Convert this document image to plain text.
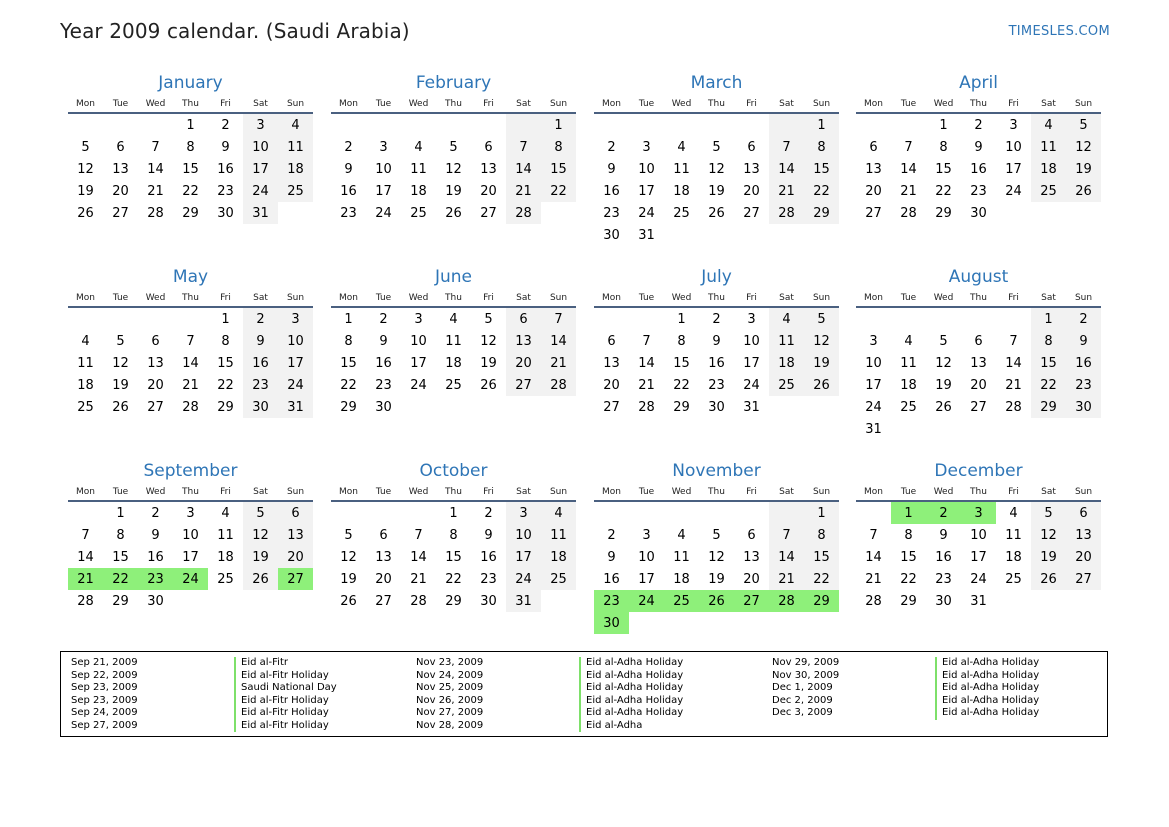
Year 2009 calendar. (Saudi Arabia)	TIMESLES.COM
January
Mon	Tue	Wed	Thu	Fri	Sat	Sun
			1	2	3	4
5	6	7	8	9	10	11
12	13	14	15	16	17	18
19	20	21	22	23	24	25
26	27	28	29	30	31	
February
Mon	Tue	Wed	Thu	Fri	Sat	Sun
						1
2	3	4	5	6	7	8
9	10	11	12	13	14	15
16	17	18	19	20	21	22
23	24	25	26	27	28	
March
Mon	Tue	Wed	Thu	Fri	Sat	Sun
						1
2	3	4	5	6	7	8
9	10	11	12	13	14	15
16	17	18	19	20	21	22
23	24	25	26	27	28	29
30	31					
April
Mon	Tue	Wed	Thu	Fri	Sat	Sun
		1	2	3	4	5
6	7	8	9	10	11	12
13	14	15	16	17	18	19
20	21	22	23	24	25	26
27	28	29	30			
May
Mon	Tue	Wed	Thu	Fri	Sat	Sun
				1	2	3
4	5	6	7	8	9	10
11	12	13	14	15	16	17
18	19	20	21	22	23	24
25	26	27	28	29	30	31
June
Mon	Tue	Wed	Thu	Fri	Sat	Sun
1	2	3	4	5	6	7
8	9	10	11	12	13	14
15	16	17	18	19	20	21
22	23	24	25	26	27	28
29	30					
July
Mon	Tue	Wed	Thu	Fri	Sat	Sun
		1	2	3	4	5
6	7	8	9	10	11	12
13	14	15	16	17	18	19
20	21	22	23	24	25	26
27	28	29	30	31		
August
Mon	Tue	Wed	Thu	Fri	Sat	Sun
					1	2
3	4	5	6	7	8	9
10	11	12	13	14	15	16
17	18	19	20	21	22	23
24	25	26	27	28	29	30
31						
September
Mon	Tue	Wed	Thu	Fri	Sat	Sun
	1	2	3	4	5	6
7	8	9	10	11	12	13
14	15	16	17	18	19	20
21	22	23	24	25	26	27
28	29	30				
October
Mon	Tue	Wed	Thu	Fri	Sat	Sun
			1	2	3	4
5	6	7	8	9	10	11
12	13	14	15	16	17	18
19	20	21	22	23	24	25
26	27	28	29	30	31	
November
Mon	Tue	Wed	Thu	Fri	Sat	Sun
						1
2	3	4	5	6	7	8
9	10	11	12	13	14	15
16	17	18	19	20	21	22
23	24	25	26	27	28	29
30						
December
Mon	Tue	Wed	Thu	Fri	Sat	Sun
	1	2	3	4	5	6
7	8	9	10	11	12	13
14	15	16	17	18	19	20
21	22	23	24	25	26	27
28	29	30	31			
Sep 21, 2009	Eid al-Fitr
Sep 22, 2009	Eid al-Fitr Holiday
Sep 23, 2009	Saudi National Day
Sep 23, 2009	Eid al-Fitr Holiday
Sep 24, 2009	Eid al-Fitr Holiday
Sep 27, 2009	Eid al-Fitr Holiday
Nov 23, 2009	Eid al-Adha Holiday
Nov 24, 2009	Eid al-Adha Holiday
Nov 25, 2009	Eid al-Adha Holiday
Nov 26, 2009	Eid al-Adha Holiday
Nov 27, 2009	Eid al-Adha Holiday
Nov 28, 2009	Eid al-Adha
Nov 29, 2009	Eid al-Adha Holiday
Nov 30, 2009	Eid al-Adha Holiday
Dec 1, 2009	Eid al-Adha Holiday
Dec 2, 2009	Eid al-Adha Holiday
Dec 3, 2009	Eid al-Adha Holiday
